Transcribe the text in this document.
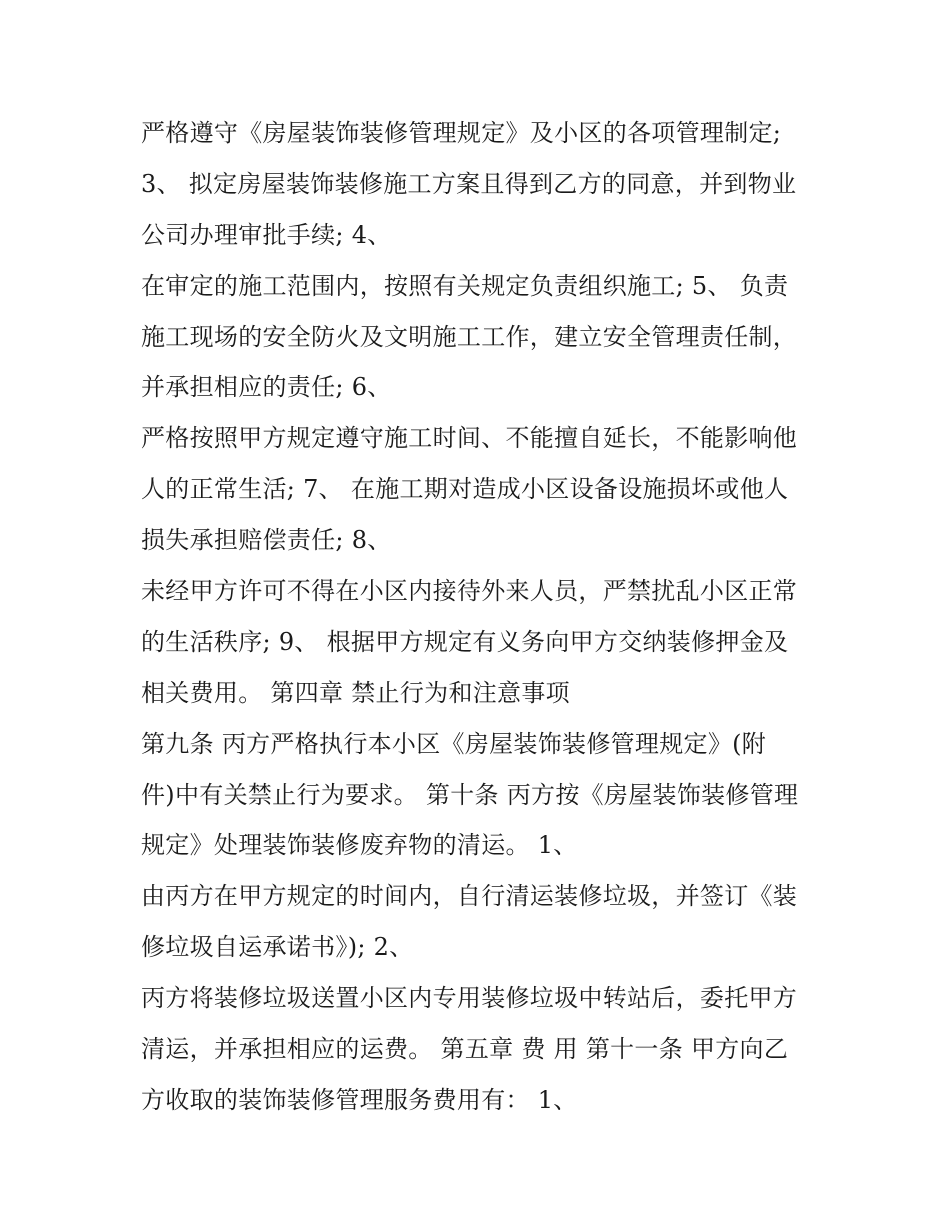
严格遵守《房屋装饰装修管理规定》及小区的各项管理制定;
3、 拟定房屋装饰装修施工方案且得到乙方的同意，并到物业
公司办理审批手续; 4、
在审定的施工范围内，按照有关规定负责组织施工; 5、 负责
施工现场的安全防火及文明施工工作，建立安全管理责任制，
并承担相应的责任; 6、
严格按照甲方规定遵守施工时间、不能擅自延长，不能影响他
人的正常生活; 7、 在施工期对造成小区设备设施损坏或他人
损失承担赔偿责任; 8、
未经甲方许可不得在小区内接待外来人员，严禁扰乱小区正常
的生活秩序; 9、 根据甲方规定有义务向甲方交纳装修押金及
相关费用。 第四章 禁止行为和注意事项
第九条 丙方严格执行本小区《房屋装饰装修管理规定》(附
件)中有关禁止行为要求。 第十条 丙方按《房屋装饰装修管理
规定》处理装饰装修废弃物的清运。 1、
由丙方在甲方规定的时间内，自行清运装修垃圾，并签订《装
修垃圾自运承诺书》); 2、
丙方将装修垃圾送置小区内专用装修垃圾中转站后，委托甲方
清运，并承担相应的运费。 第五章 费 用 第十一条 甲方向乙
方收取的装饰装修管理服务费用有： 1、
